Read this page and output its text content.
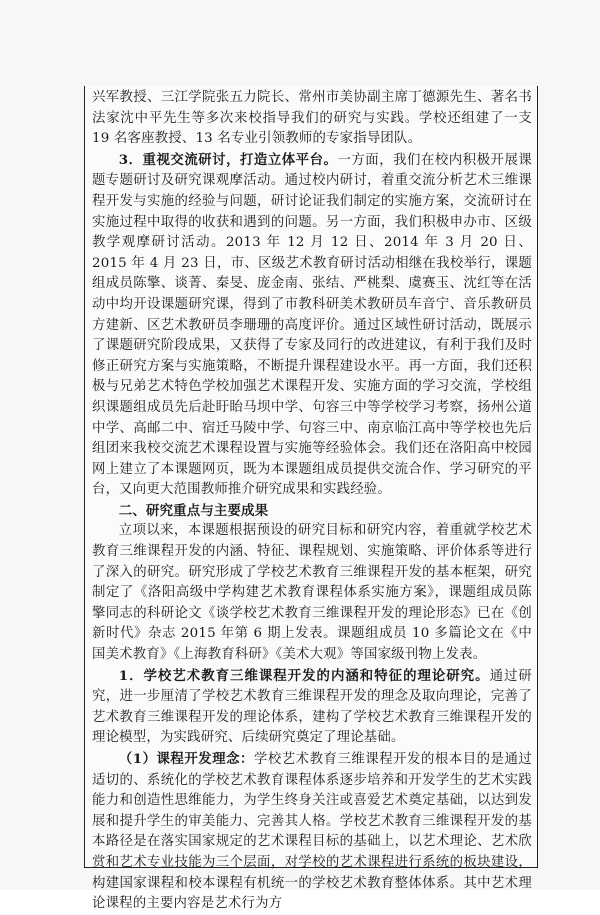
兴军教授、三江学院张五力院长、常州市美协副主席丁德源先生、著名书法家沈中平先生等多次来校指导我们的研究与实践。学校还组建了一支 19 名客座教授、13 名专业引领教师的专家指导团队。

3．重视交流研讨，打造立体平台。一方面，我们在校内积极开展课题专题研讨及研究课观摩活动。通过校内研讨，着重交流分析艺术三维课程开发与实施的经验与问题，研讨论证我们制定的实施方案，交流研讨在实施过程中取得的收获和遇到的问题。另一方面，我们积极申办市、区级教学观摩研讨活动。2013 年 12 月 12 日、2014 年 3 月 20 日、2015 年 4 月 23 日，市、区级艺术教育研讨活动相继在我校举行，课题组成员陈擎、谈菁、秦旻、庞金南、张结、严桃梨、虞赛玉、沈红等在活动中均开设课题研究课，得到了市教科研美术教研员车音宁、音乐教研员方建新、区艺术教研员李珊珊的高度评价。通过区域性研讨活动，既展示了课题研究阶段成果，又获得了专家及同行的改进建议，有利于我们及时修正研究方案与实施策略，不断提升课程建设水平。再一方面，我们还积极与兄弟艺术特色学校加强艺术课程开发、实施方面的学习交流，学校组织课题组成员先后赴盱眙马坝中学、句容三中等学校学习考察，扬州公道中学、高邮二中、宿迁马陵中学、句容三中、南京临江高中等学校也先后组团来我校交流艺术课程设置与实施等经验体会。我们还在洛阳高中校园网上建立了本课题网页，既为本课题组成员提供交流合作、学习研究的平台，又向更大范围教师推介研究成果和实践经验。

二、研究重点与主要成果

立项以来，本课题根据预设的研究目标和研究内容，着重就学校艺术教育三维课程开发的内涵、特征、课程规划、实施策略、评价体系等进行了深入的研究。研究形成了学校艺术教育三维课程开发的基本框架，研究制定了《洛阳高级中学构建艺术教育课程体系实施方案》，课题组成员陈擎同志的科研论文《谈学校艺术教育三维课程开发的理论形态》已在《创新时代》杂志 2015 年第 6 期上发表。课题组成员 10 多篇论文在《中国美术教育》《上海教育科研》《美术大观》等国家级刊物上发表。

1．学校艺术教育三维课程开发的内涵和特征的理论研究。通过研究，进一步厘清了学校艺术教育三维课程开发的理念及取向理论，完善了艺术教育三维课程开发的理论体系，建构了学校艺术教育三维课程开发的理论模型，为实践研究、后续研究奠定了理论基础。

（1）课程开发理念：学校艺术教育三维课程开发的根本目的是通过适切的、系统化的学校艺术教育课程体系逐步培养和开发学生的艺术实践能力和创造性思维能力，为学生终身关注或喜爱艺术奠定基础，以达到发展和提升学生的审美能力、完善其人格。学校艺术教育三维课程开发的基本路径是在落实国家规定的艺术课程目标的基础上，以艺术理论、艺术欣赏和艺术专业技能为三个层面，对学校的艺术课程进行系统的板块建设，构建国家课程和校本课程有机统一的学校艺术教育整体体系。其中艺术理论课程的主要内容是艺术行为方
